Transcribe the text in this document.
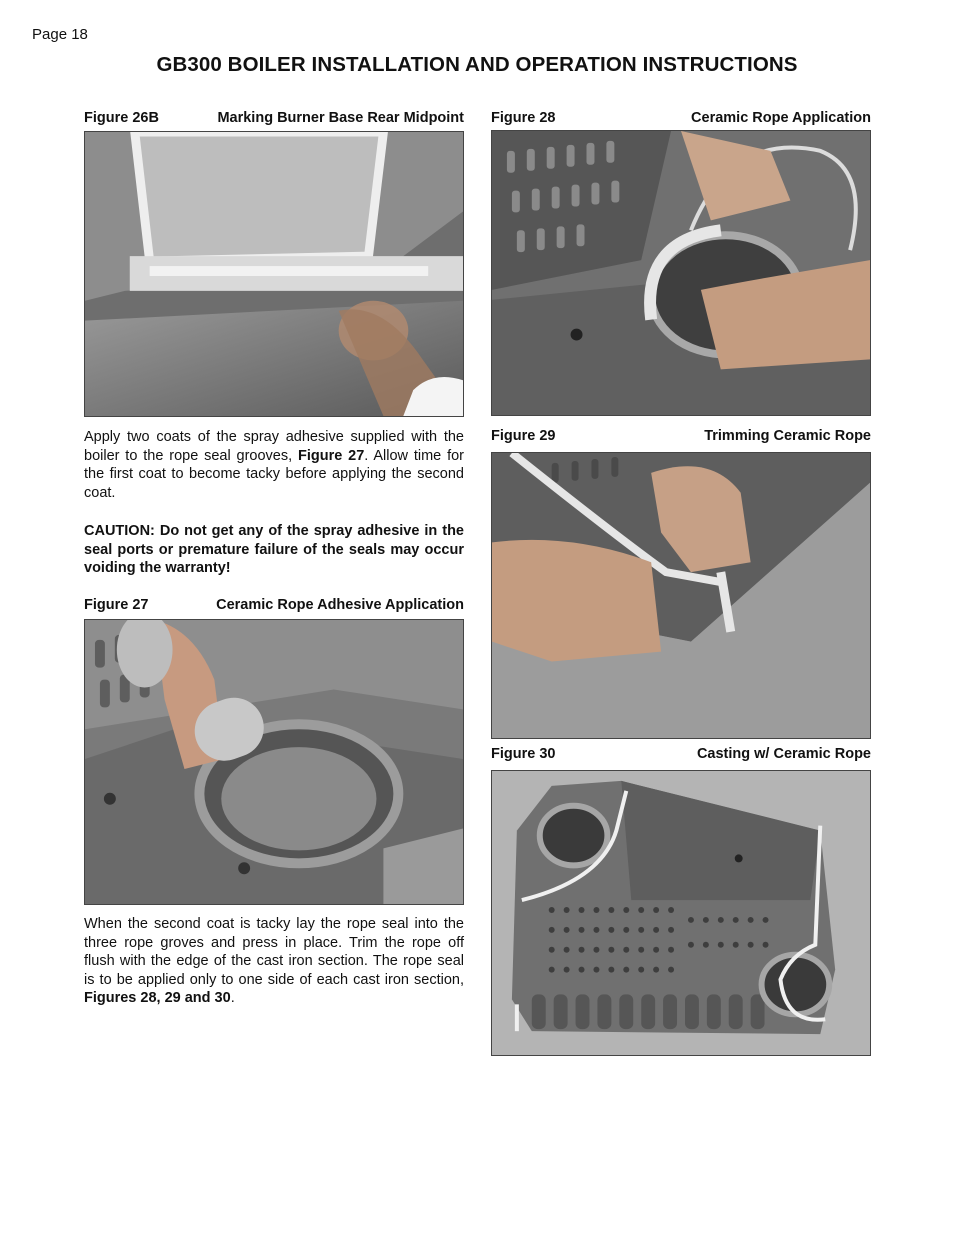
Page 18
GB300 BOILER INSTALLATION AND OPERATION INSTRUCTIONS
Figure 26B	Marking Burner Base Rear Midpoint
Apply two coats of the spray adhesive supplied with the boiler to the rope seal grooves, Figure 27. Allow time for the first coat to become tacky before applying the second coat.
CAUTION: Do not get any of the spray adhesive in the seal ports or premature failure of the seals may occur voiding the warranty!
Figure 27	Ceramic Rope Adhesive Application
When the second coat is tacky lay the rope seal into the three rope groves and press in place. Trim the rope off flush with the edge of the cast iron section. The rope seal is to be applied only to one side of each cast iron section, Figures 28, 29 and 30.
Figure 28	Ceramic Rope Application
Figure 29	Trimming Ceramic Rope
Figure 30	Casting w/ Ceramic Rope
